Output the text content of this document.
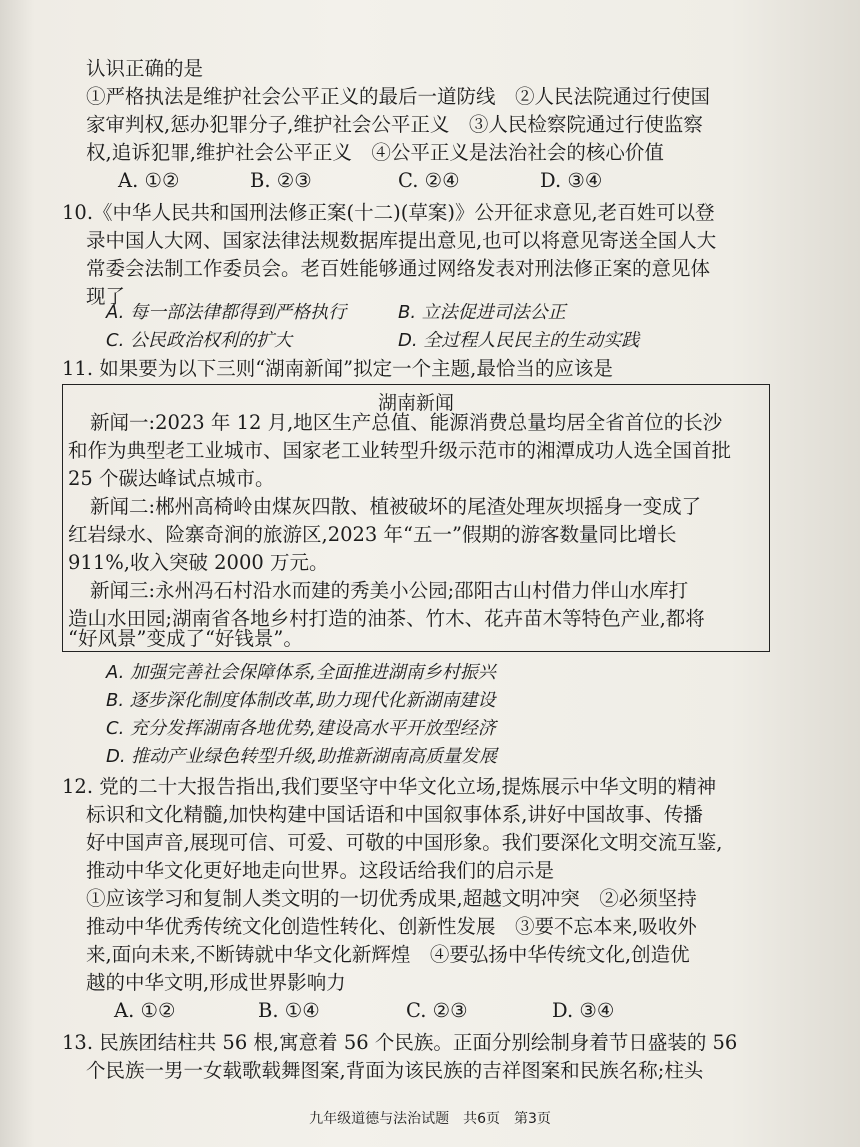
认识正确的是
①严格执法是维护社会公平正义的最后一道防线　②人民法院通过行使国
家审判权,惩办犯罪分子,维护社会公平正义　③人民检察院通过行使监察
权,追诉犯罪,维护社会公平正义　④公平正义是法治社会的核心价值
A. ①②	B. ②③	C. ②④	D. ③④
10.《中华人民共和国刑法修正案(十二)(草案)》公开征求意见,老百姓可以登
录中国人大网、国家法律法规数据库提出意见,也可以将意见寄送全国人大
常委会法制工作委员会。老百姓能够通过网络发表对刑法修正案的意见体
现了
A. 每一部法律都得到严格执行	B. 立法促进司法公正
C. 公民政治权利的扩大	D. 全过程人民民主的生动实践
11. 如果要为以下三则“湖南新闻”拟定一个主题,最恰当的应该是
湖南新闻
新闻一:2023 年 12 月,地区生产总值、能源消费总量均居全省首位的长沙
和作为典型老工业城市、国家老工业转型升级示范市的湘潭成功人选全国首批
25 个碳达峰试点城市。
新闻二:郴州高椅岭由煤灰四散、植被破坏的尾渣处理灰坝摇身一变成了
红岩绿水、险寨奇涧的旅游区,2023 年“五一”假期的游客数量同比增长
911%,收入突破 2000 万元。
新闻三:永州冯石村沿水而建的秀美小公园;邵阳古山村借力伴山水库打
造山水田园;湖南省各地乡村打造的油茶、竹木、花卉苗木等特色产业,都将
“好风景”变成了“好钱景”。
A. 加强完善社会保障体系,全面推进湖南乡村振兴
B. 逐步深化制度体制改革,助力现代化新湖南建设
C. 充分发挥湖南各地优势,建设高水平开放型经济
D. 推动产业绿色转型升级,助推新湖南高质量发展
12. 党的二十大报告指出,我们要坚守中华文化立场,提炼展示中华文明的精神
标识和文化精髓,加快构建中国话语和中国叙事体系,讲好中国故事、传播
好中国声音,展现可信、可爱、可敬的中国形象。我们要深化文明交流互鉴,
推动中华文化更好地走向世界。这段话给我们的启示是
①应该学习和复制人类文明的一切优秀成果,超越文明冲突　②必须坚持
推动中华优秀传统文化创造性转化、创新性发展　③要不忘本来,吸收外
来,面向未来,不断铸就中华文化新辉煌　④要弘扬中华传统文化,创造优
越的中华文明,形成世界影响力
A. ①②	B. ①④	C. ②③	D. ③④
13. 民族团结柱共 56 根,寓意着 56 个民族。正面分别绘制身着节日盛装的 56
个民族一男一女载歌载舞图案,背面为该民族的吉祥图案和民族名称;柱头
九年级道德与法治试题　共6页　第3页
